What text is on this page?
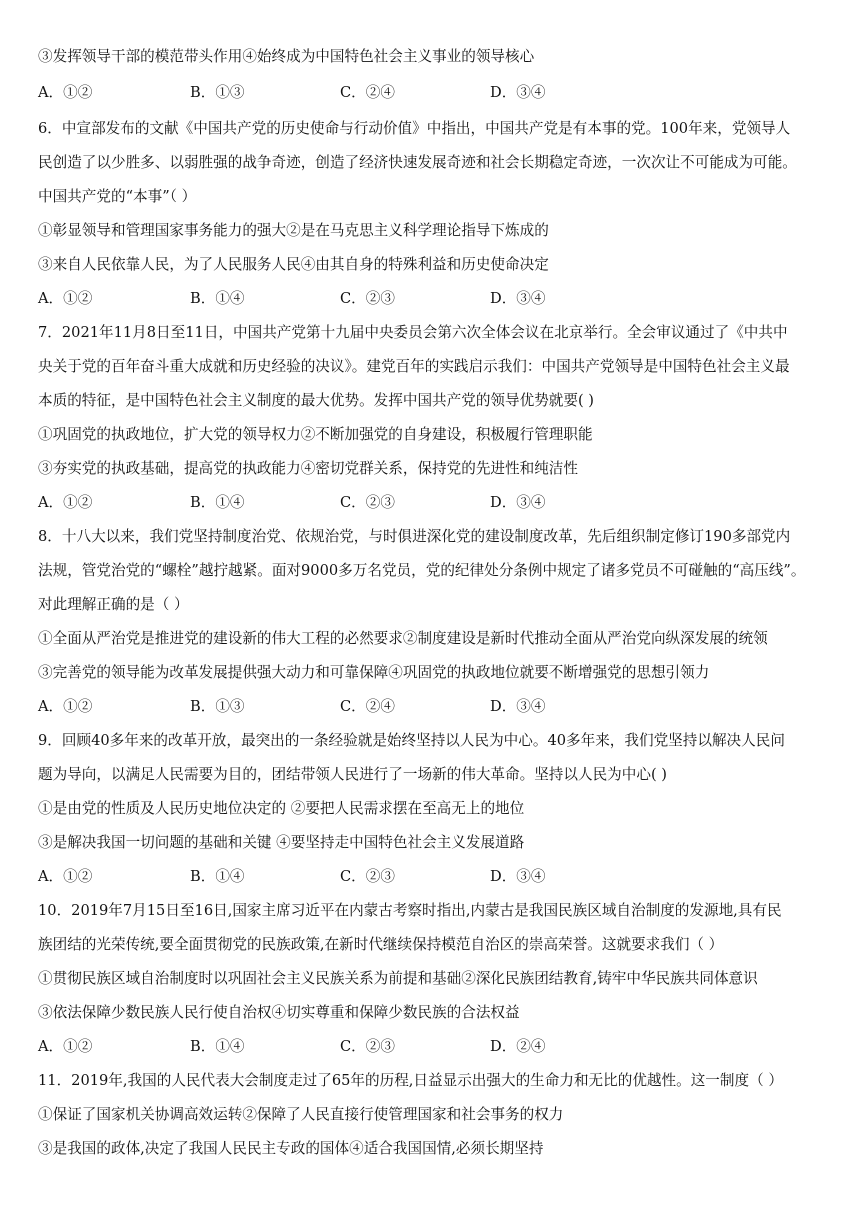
③发挥领导干部的模范带头作用④始终成为中国特色社会主义事业的领导核心
A．①②	B．①③	C．②④	D．③④
6．中宣部发布的文献《中国共产党的历史使命与行动价值》中指出，中国共产党是有本事的党。100年来，党领导人
民创造了以少胜多、以弱胜强的战争奇迹，创造了经济快速发展奇迹和社会长期稳定奇迹，一次次让不可能成为可能。
中国共产党的“本事”（ ）
①彰显领导和管理国家事务能力的强大②是在马克思主义科学理论指导下炼成的
③来自人民依靠人民，为了人民服务人民④由其自身的特殊利益和历史使命决定
A．①②	B．①④	C．②③	D．③④
7．2021年11月8日至11日，中国共产党第十九届中央委员会第六次全体会议在北京举行。全会审议通过了《中共中
央关于党的百年奋斗重大成就和历史经验的决议》。建党百年的实践启示我们：中国共产党领导是中国特色社会主义最
本质的特征，是中国特色社会主义制度的最大优势。发挥中国共产党的领导优势就要( )
①巩固党的执政地位，扩大党的领导权力②不断加强党的自身建设，积极履行管理职能
③夯实党的执政基础，提高党的执政能力④密切党群关系，保持党的先进性和纯洁性
A．①②	B．①④	C．②③	D．③④
8．十八大以来，我们党坚持制度治党、依规治党，与时俱进深化党的建设制度改革，先后组织制定修订190多部党内
法规，管党治党的“螺栓”越拧越紧。面对9000多万名党员，党的纪律处分条例中规定了诸多党员不可碰触的“高压线”。
对此理解正确的是（ ）
①全面从严治党是推进党的建设新的伟大工程的必然要求②制度建设是新时代推动全面从严治党向纵深发展的统领
③完善党的领导能为改革发展提供强大动力和可靠保障④巩固党的执政地位就要不断增强党的思想引领力
A．①②	B．①③	C．②④	D．③④
9．回顾40多年来的改革开放，最突出的一条经验就是始终坚持以人民为中心。40多年来，我们党坚持以解决人民问
题为导向，以满足人民需要为目的，团结带领人民进行了一场新的伟大革命。坚持以人民为中心( )
①是由党的性质及人民历史地位决定的 ②要把人民需求摆在至高无上的地位
③是解决我国一切问题的基础和关键 ④要坚持走中国特色社会主义发展道路
A．①②	B．①④	C．②③	D．③④
10．2019年7月15日至16日,国家主席习近平在内蒙古考察时指出,内蒙古是我国民族区域自治制度的发源地,具有民
族团结的光荣传统,要全面贯彻党的民族政策,在新时代继续保持模范自治区的崇高荣誉。这就要求我们（ ）
①贯彻民族区域自治制度时以巩固社会主义民族关系为前提和基础②深化民族团结教育,铸牢中华民族共同体意识
③依法保障少数民族人民行使自治权④切实尊重和保障少数民族的合法权益
A．①②	B．①④	C．②③	D．②④
11．2019年,我国的人民代表大会制度走过了65年的历程,日益显示出强大的生命力和无比的优越性。这一制度（ ）
①保证了国家机关协调高效运转②保障了人民直接行使管理国家和社会事务的权力
③是我国的政体,决定了我国人民民主专政的国体④适合我国国情,必须长期坚持
